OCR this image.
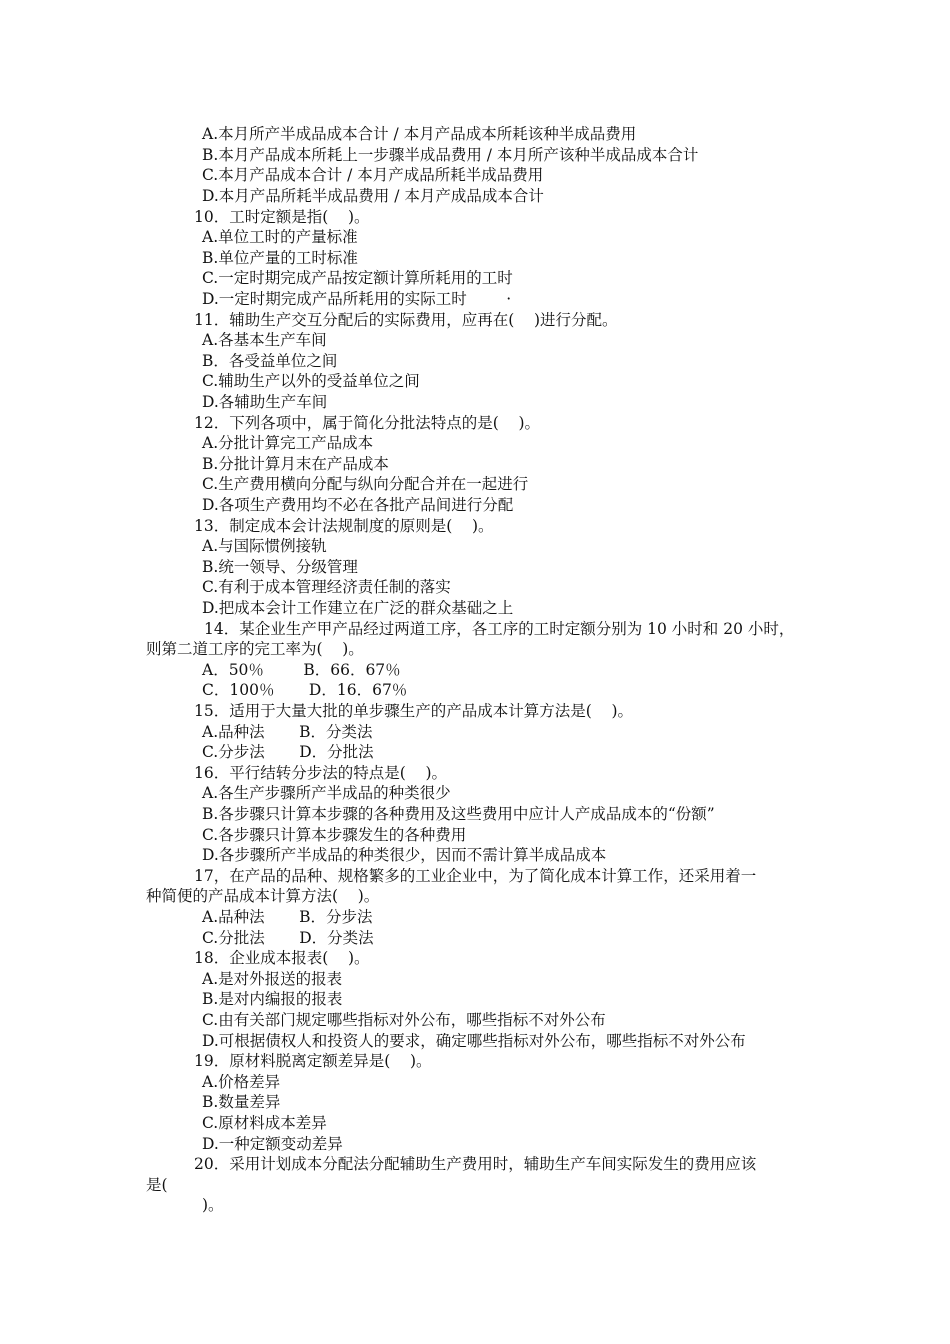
A.本月所产半成品成本合计 / 本月产品成本所耗该种半成品费用
B.本月产品成本所耗上一步骤半成品费用 / 本月所产该种半成品成本合计
C.本月产品成本合计 / 本月产成品所耗半成品费用
D.本月产品所耗半成品费用 / 本月产成品成本合计
10．工时定额是指(    )。
A.单位工时的产量标准
B.单位产量的工时标准
C.一定时期完成产品按定额计算所耗用的工时
D.一定时期完成产品所耗用的实际工时        ·
11．辅助生产交互分配后的实际费用，应再在(    )进行分配。
A.各基本生产车间
B．各受益单位之间
C.辅助生产以外的受益单位之间
D.各辅助生产车间
12．下列各项中，属于简化分批法特点的是(    )。
A.分批计算完工产品成本
B.分批计算月末在产品成本
C.生产费用横向分配与纵向分配合并在一起进行
D.各项生产费用均不必在各批产品间进行分配
13．制定成本会计法规制度的原则是(    )。
A.与国际惯例接轨
B.统一领导、分级管理
C.有利于成本管理经济责任制的落实
D.把成本会计工作建立在广泛的群众基础之上
14．某企业生产甲产品经过两道工序，各工序的工时定额分别为 10 小时和 20 小时，
则第二道工序的完工率为(    )。
A．50％        B．66．67％
C．100％       D．16．67％
15．适用于大量大批的单步骤生产的产品成本计算方法是(    )。
A.品种法       B．分类法
C.分步法       D．分批法
16．平行结转分步法的特点是(    )。
A.各生产步骤所产半成品的种类很少
B.各步骤只计算本步骤的各种费用及这些费用中应计人产成品成本的“份额”
C.各步骤只计算本步骤发生的各种费用
D.各步骤所产半成品的种类很少，因而不需计算半成品成本
17，在产品的品种、规格繁多的工业企业中，为了简化成本计算工作，还采用着一
种简便的产品成本计算方法(    )。
A.品种法       B．分步法
C.分批法       D．分类法
18．企业成本报表(    )。
A.是对外报送的报表
B.是对内编报的报表
C.由有关部门规定哪些指标对外公布，哪些指标不对外公布
D.可根据债权人和投资人的要求，确定哪些指标对外公布，哪些指标不对外公布
19．原材料脱离定额差异是(    )。
A.价格差异
B.数量差异
C.原材料成本差异
D.一种定额变动差异
20．采用计划成本分配法分配辅助生产费用时，辅助生产车间实际发生的费用应该
是(
)。
